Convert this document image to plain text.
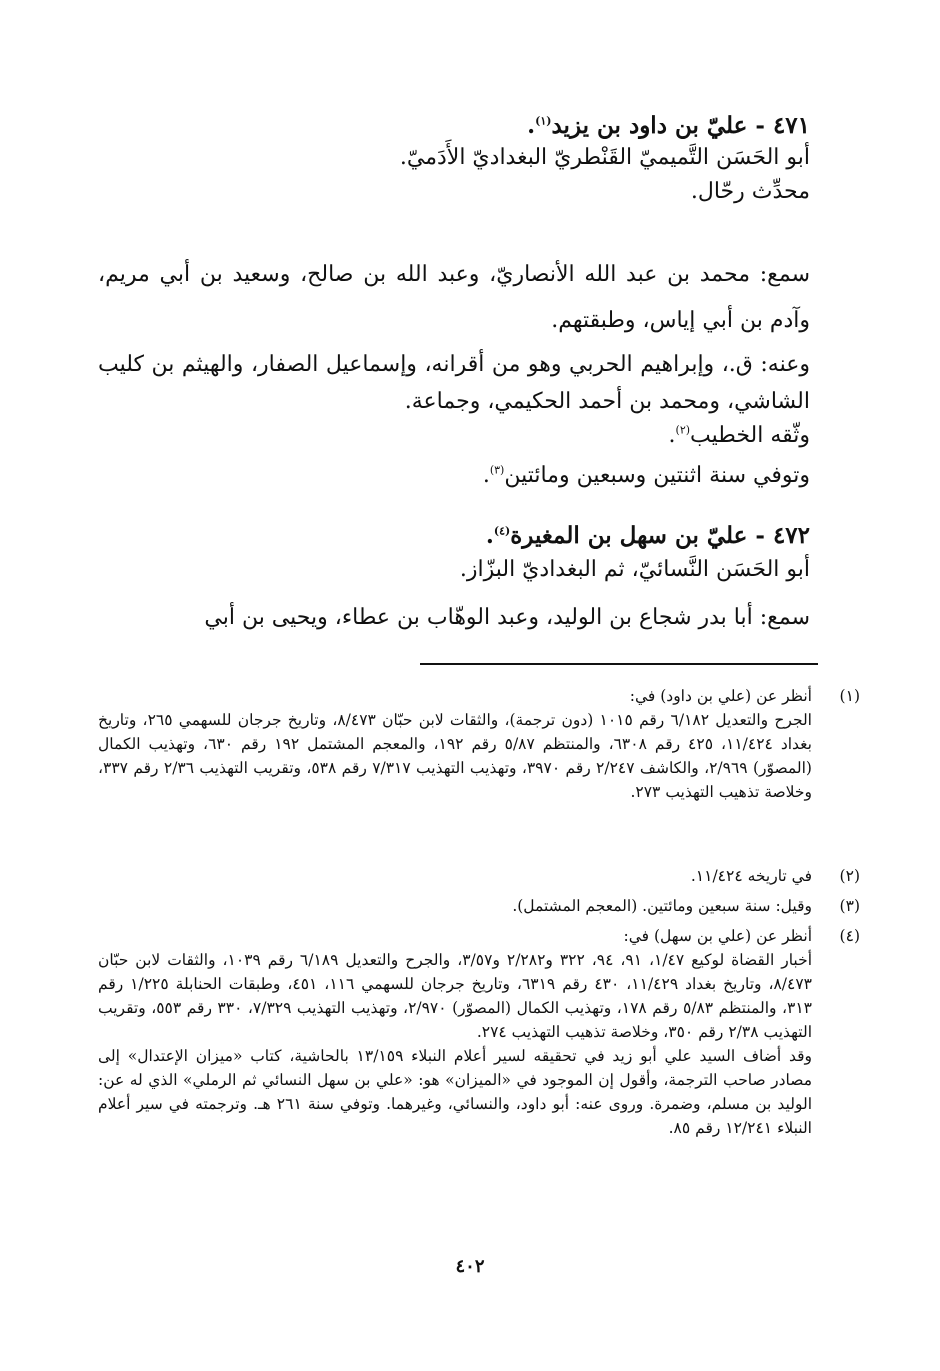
٤٧١ - عليّ بن داود بن يزيد$^{(١)}$.

أبو الحَسَن التَّميميّ القَنْطريّ البغداديّ الأَدَميّ.

محدِّث رحّال.

سمع: محمد بن عبد الله الأنصاريّ، وعبد الله بن صالح، وسعيد بن أبي مريم، وآدم بن أبي إياس، وطبقتهم.

وعنه: ق.، وإبراهيم الحربي وهو من أقرانه، وإسماعيل الصفار، والهيثم بن كليب الشاشي، ومحمد بن أحمد الحكيمي، وجماعة.

وثّقه الخطيب$^{(٢)}$.

وتوفي سنة اثنتين وسبعين ومائتين$^{(٣)}$.

٤٧٢ - عليّ بن سهل بن المغيرة$^{(٤)}$.

أبو الحَسَن النَّسائيّ، ثم البغداديّ البزّاز.

سمع: أبا بدر شجاع بن الوليد، وعبد الوهّاب بن عطاء، ويحيى بن أبي

(١)
أنظر عن (علي بن داود) في:
الجرح والتعديل ٦/١٨٢ رقم ١٠١٥ (دون ترجمة)، والثقات لابن حبّان ٨/٤٧٣، وتاريخ جرجان للسهمي ٢٦٥، وتاريخ بغداد ١١/٤٢٤، ٤٢٥ رقم ٦٣٠٨، والمنتظم ٥/٨٧ رقم ١٩٢، والمعجم المشتمل ١٩٢ رقم ٦٣٠، وتهذيب الكمال (المصوّر) ٢/٩٦٩، والكاشف ٢/٢٤٧ رقم ٣٩٧٠، وتهذيب التهذيب ٧/٣١٧ رقم ٥٣٨، وتقريب التهذيب ٢/٣٦ رقم ٣٣٧، وخلاصة تذهيب التهذيب ٢٧٣.
(٢)
في تاريخه ١١/٤٢٤.
(٣)
وقيل: سنة سبعين ومائتين. (المعجم المشتمل).
(٤)
أنظر عن (علي بن سهل) في:
أخبار القضاة لوكيع ١/٤٧، ٩١، ٩٤، ٣٢٢ و٢/٢٨٢ و٣/٥٧، والجرح والتعديل ٦/١٨٩ رقم ١٠٣٩، والثقات لابن حبّان ٨/٤٧٣، وتاريخ بغداد ١١/٤٢٩، ٤٣٠ رقم ٦٣١٩، وتاريخ جرجان للسهمي ١١٦، ٤٥١، وطبقات الحنابلة ١/٢٢٥ رقم ٣١٣، والمنتظم ٥/٨٣ رقم ١٧٨، وتهذيب الكمال (المصوّر) ٢/٩٧٠، وتهذيب التهذيب ٧/٣٢٩، ٣٣٠ رقم ٥٥٣، وتقريب التهذيب ٢/٣٨ رقم ٣٥٠، وخلاصة تذهيب التهذيب ٢٧٤.
وقد أضاف السيد علي أبو زيد في تحقيقه لسير أعلام النبلاء ١٣/١٥٩ بالحاشية، كتاب «ميزان الإعتدال» إلى مصادر صاحب الترجمة، وأقول إن الموجود في «الميزان» هو: «علي بن سهل النسائي ثم الرملي» الذي له عن: الوليد بن مسلم، وضمرة. وروى عنه: أبو داود، والنسائي، وغيرهما. وتوفي سنة ٢٦١ هـ. وترجمته في سير أعلام النبلاء ١٢/٢٤١ رقم ٨٥.
٤٠٢
